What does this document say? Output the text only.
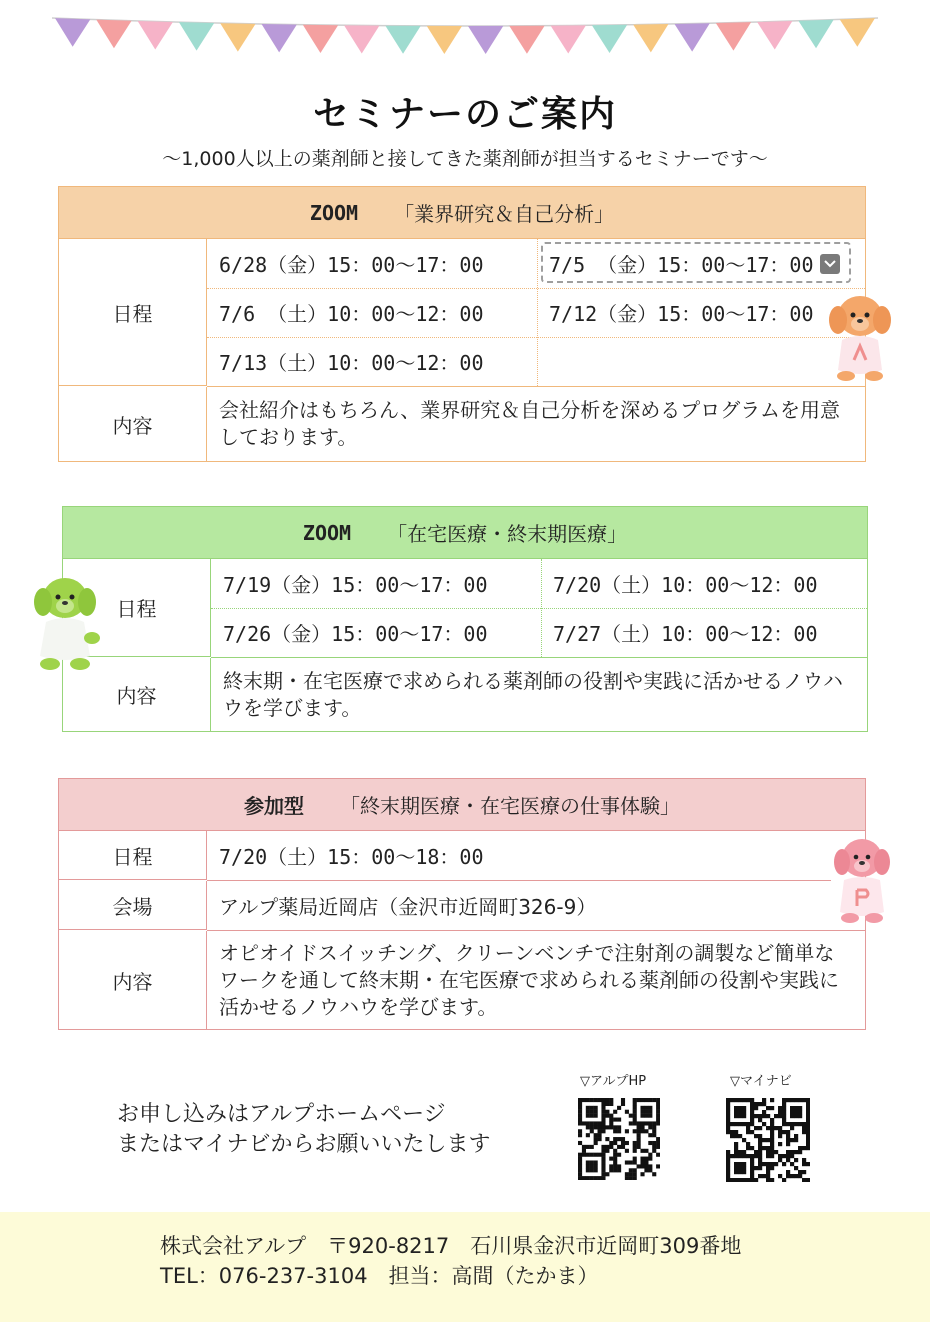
セミナーのご案内
～1,000人以上の薬剤師と接してきた薬剤師が担当するセミナーです～
ZOOM 「業界研究＆自己分析」
日程
6/28（金）15：00～17：00	7/5 （金）15：00～17：00
7/6 （土）10：00～12：00	7/12（金）15：00～17：00
7/13（土）10：00～12：00
内容
会社紹介はもちろん、業界研究＆自己分析を深めるプログラムを用意しております。
ZOOM 「在宅医療・終末期医療」
日程
7/19（金）15：00～17：00	7/20（土）10：00～12：00
7/26（金）15：00～17：00	7/27（土）10：00～12：00
内容
終末期・在宅医療で求められる薬剤師の役割や実践に活かせるノウハウを学びます。
参加型 「終末期医療・在宅医療の仕事体験」
日程	7/20（土）15：00～18：00
会場	アルプ薬局近岡店（金沢市近岡町326-9）
内容
オピオイドスイッチング、クリーンベンチで注射剤の調製など簡単なワークを通して終末期・在宅医療で求められる薬剤師の役割や実践に活かせるノウハウを学びます。
お申し込みはアルプホームページ
またはマイナビからお願いいたします
▽アルプHP	▽マイナビ
株式会社アルプ　〒920-8217　石川県金沢市近岡町309番地
TEL：076-237-3104　担当：高間（たかま）
